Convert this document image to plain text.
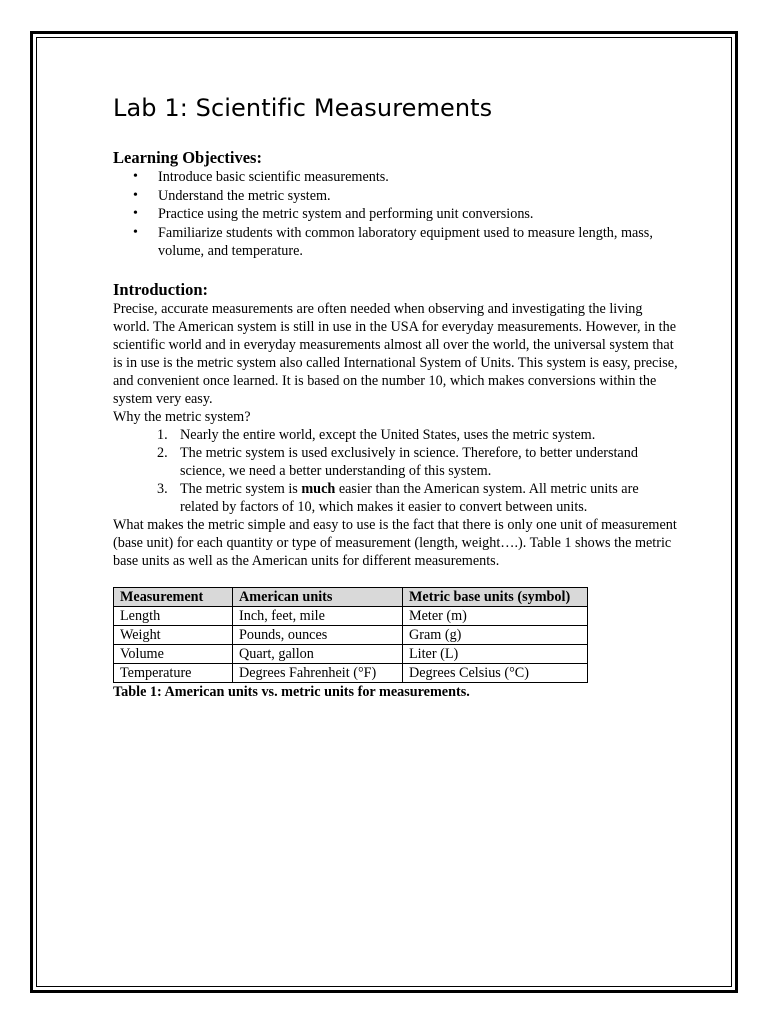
Lab 1: Scientific Measurements
Learning Objectives:
• Introduce basic scientific measurements.
• Understand the metric system.
• Practice using the metric system and performing unit conversions.
• Familiarize students with common laboratory equipment used to measure length, mass, volume, and temperature.
Introduction:

Precise, accurate measurements are often needed when observing and investigating the living world. The American system is still in use in the USA for everyday measurements. However, in the scientific world and in everyday measurements almost all over the world, the universal system that is in use is the metric system also called International System of Units. This system is easy, precise, and convenient once learned. It is based on the number 10, which makes conversions within the system very easy.

Why the metric system?

1. Nearly the entire world, except the United States, uses the metric system.
2. The metric system is used exclusively in science. Therefore, to better understand science, we need a better understanding of this system.
3. The metric system is much easier than the American system. All metric units are related by factors of 10, which makes it easier to convert between units.

What makes the metric simple and easy to use is the fact that there is only one unit of measurement (base unit) for each quantity or type of measurement (length, weight….). Table 1 shows the metric base units as well as the American units for different measurements.

Measurement	American units	Metric base units (symbol)
Length	Inch, feet, mile	Meter (m)
Weight	Pounds, ounces	Gram (g)
Volume	Quart, gallon	Liter (L)
Temperature	Degrees Fahrenheit (°F)	Degrees Celsius (°C)

Table 1: American units vs. metric units for measurements.
